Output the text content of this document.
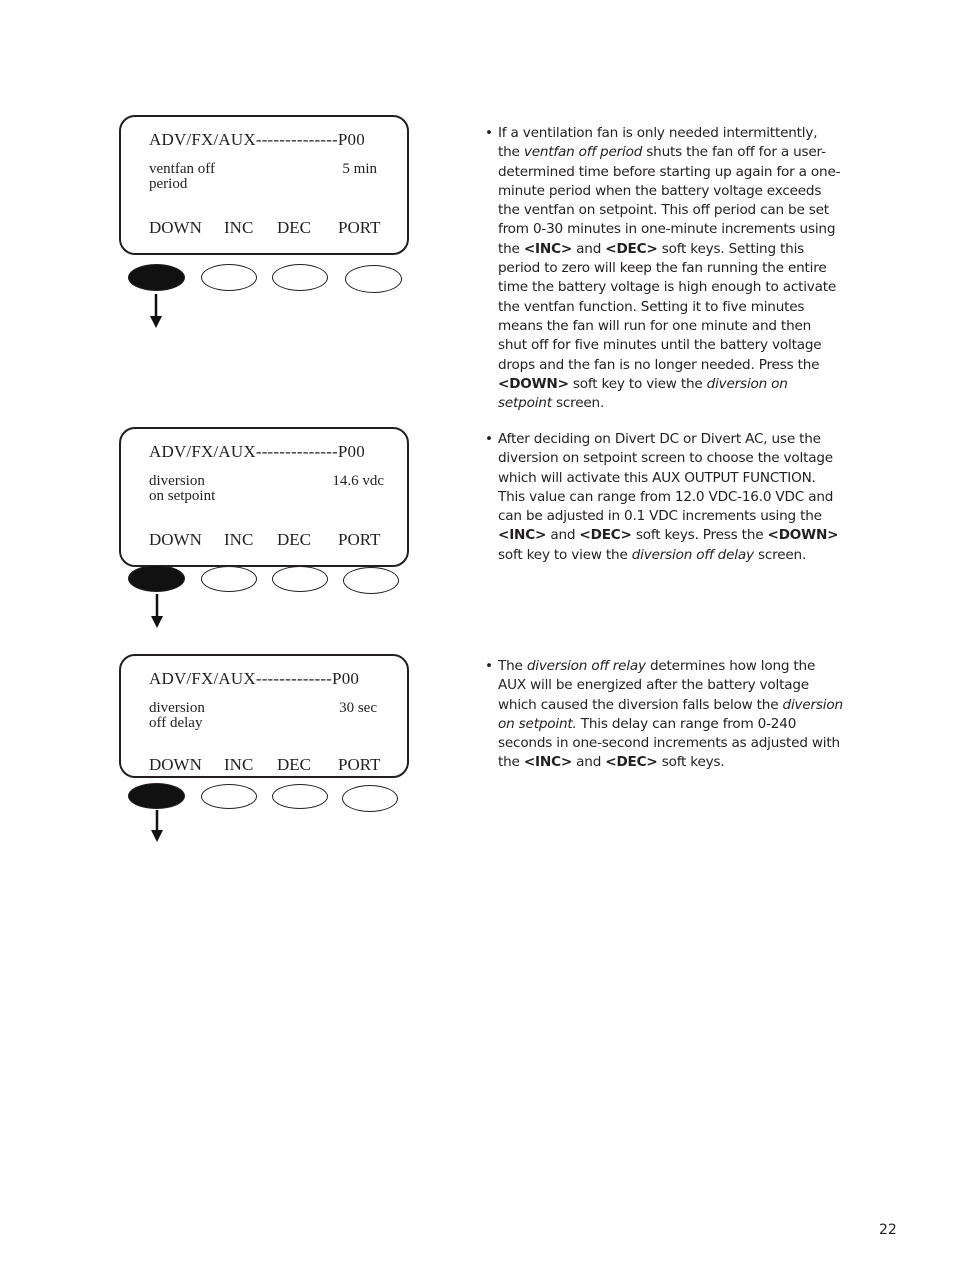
ADV/FX/AUX--------------P00
ventfan off
period
5 min
DOWN INC DEC PORT
ADV/FX/AUX--------------P00
diversion
on setpoint
14.6 vdc
DOWN INC DEC PORT
ADV/FX/AUX-------------P00
diversion
off delay
30 sec
DOWN INC DEC PORT
• If a ventilation fan is only needed intermittently, the ventfan off period shuts the fan off for a user-determined time before starting up again for a one-minute period when the battery voltage exceeds the ventfan on setpoint. This off period can be set from 0-30 minutes in one-minute increments using the <INC> and <DEC> soft keys. Setting this period to zero will keep the fan running the entire time the battery voltage is high enough to activate the ventfan function. Setting it to five minutes means the fan will run for one minute and then shut off for five minutes until the battery voltage drops and the fan is no longer needed. Press the <DOWN> soft key to view the diversion on setpoint screen.
• After deciding on Divert DC or Divert AC, use the diversion on setpoint screen to choose the voltage which will activate this AUX OUTPUT FUNCTION. This value can range from 12.0 VDC-16.0 VDC and can be adjusted in 0.1 VDC increments using the <INC> and <DEC> soft keys. Press the <DOWN> soft key to view the diversion off delay screen.
• The diversion off relay determines how long the AUX will be energized after the battery voltage which caused the diversion falls below the diversion on setpoint. This delay can range from 0-240 seconds in one-second increments as adjusted with the <INC> and <DEC> soft keys.
22
